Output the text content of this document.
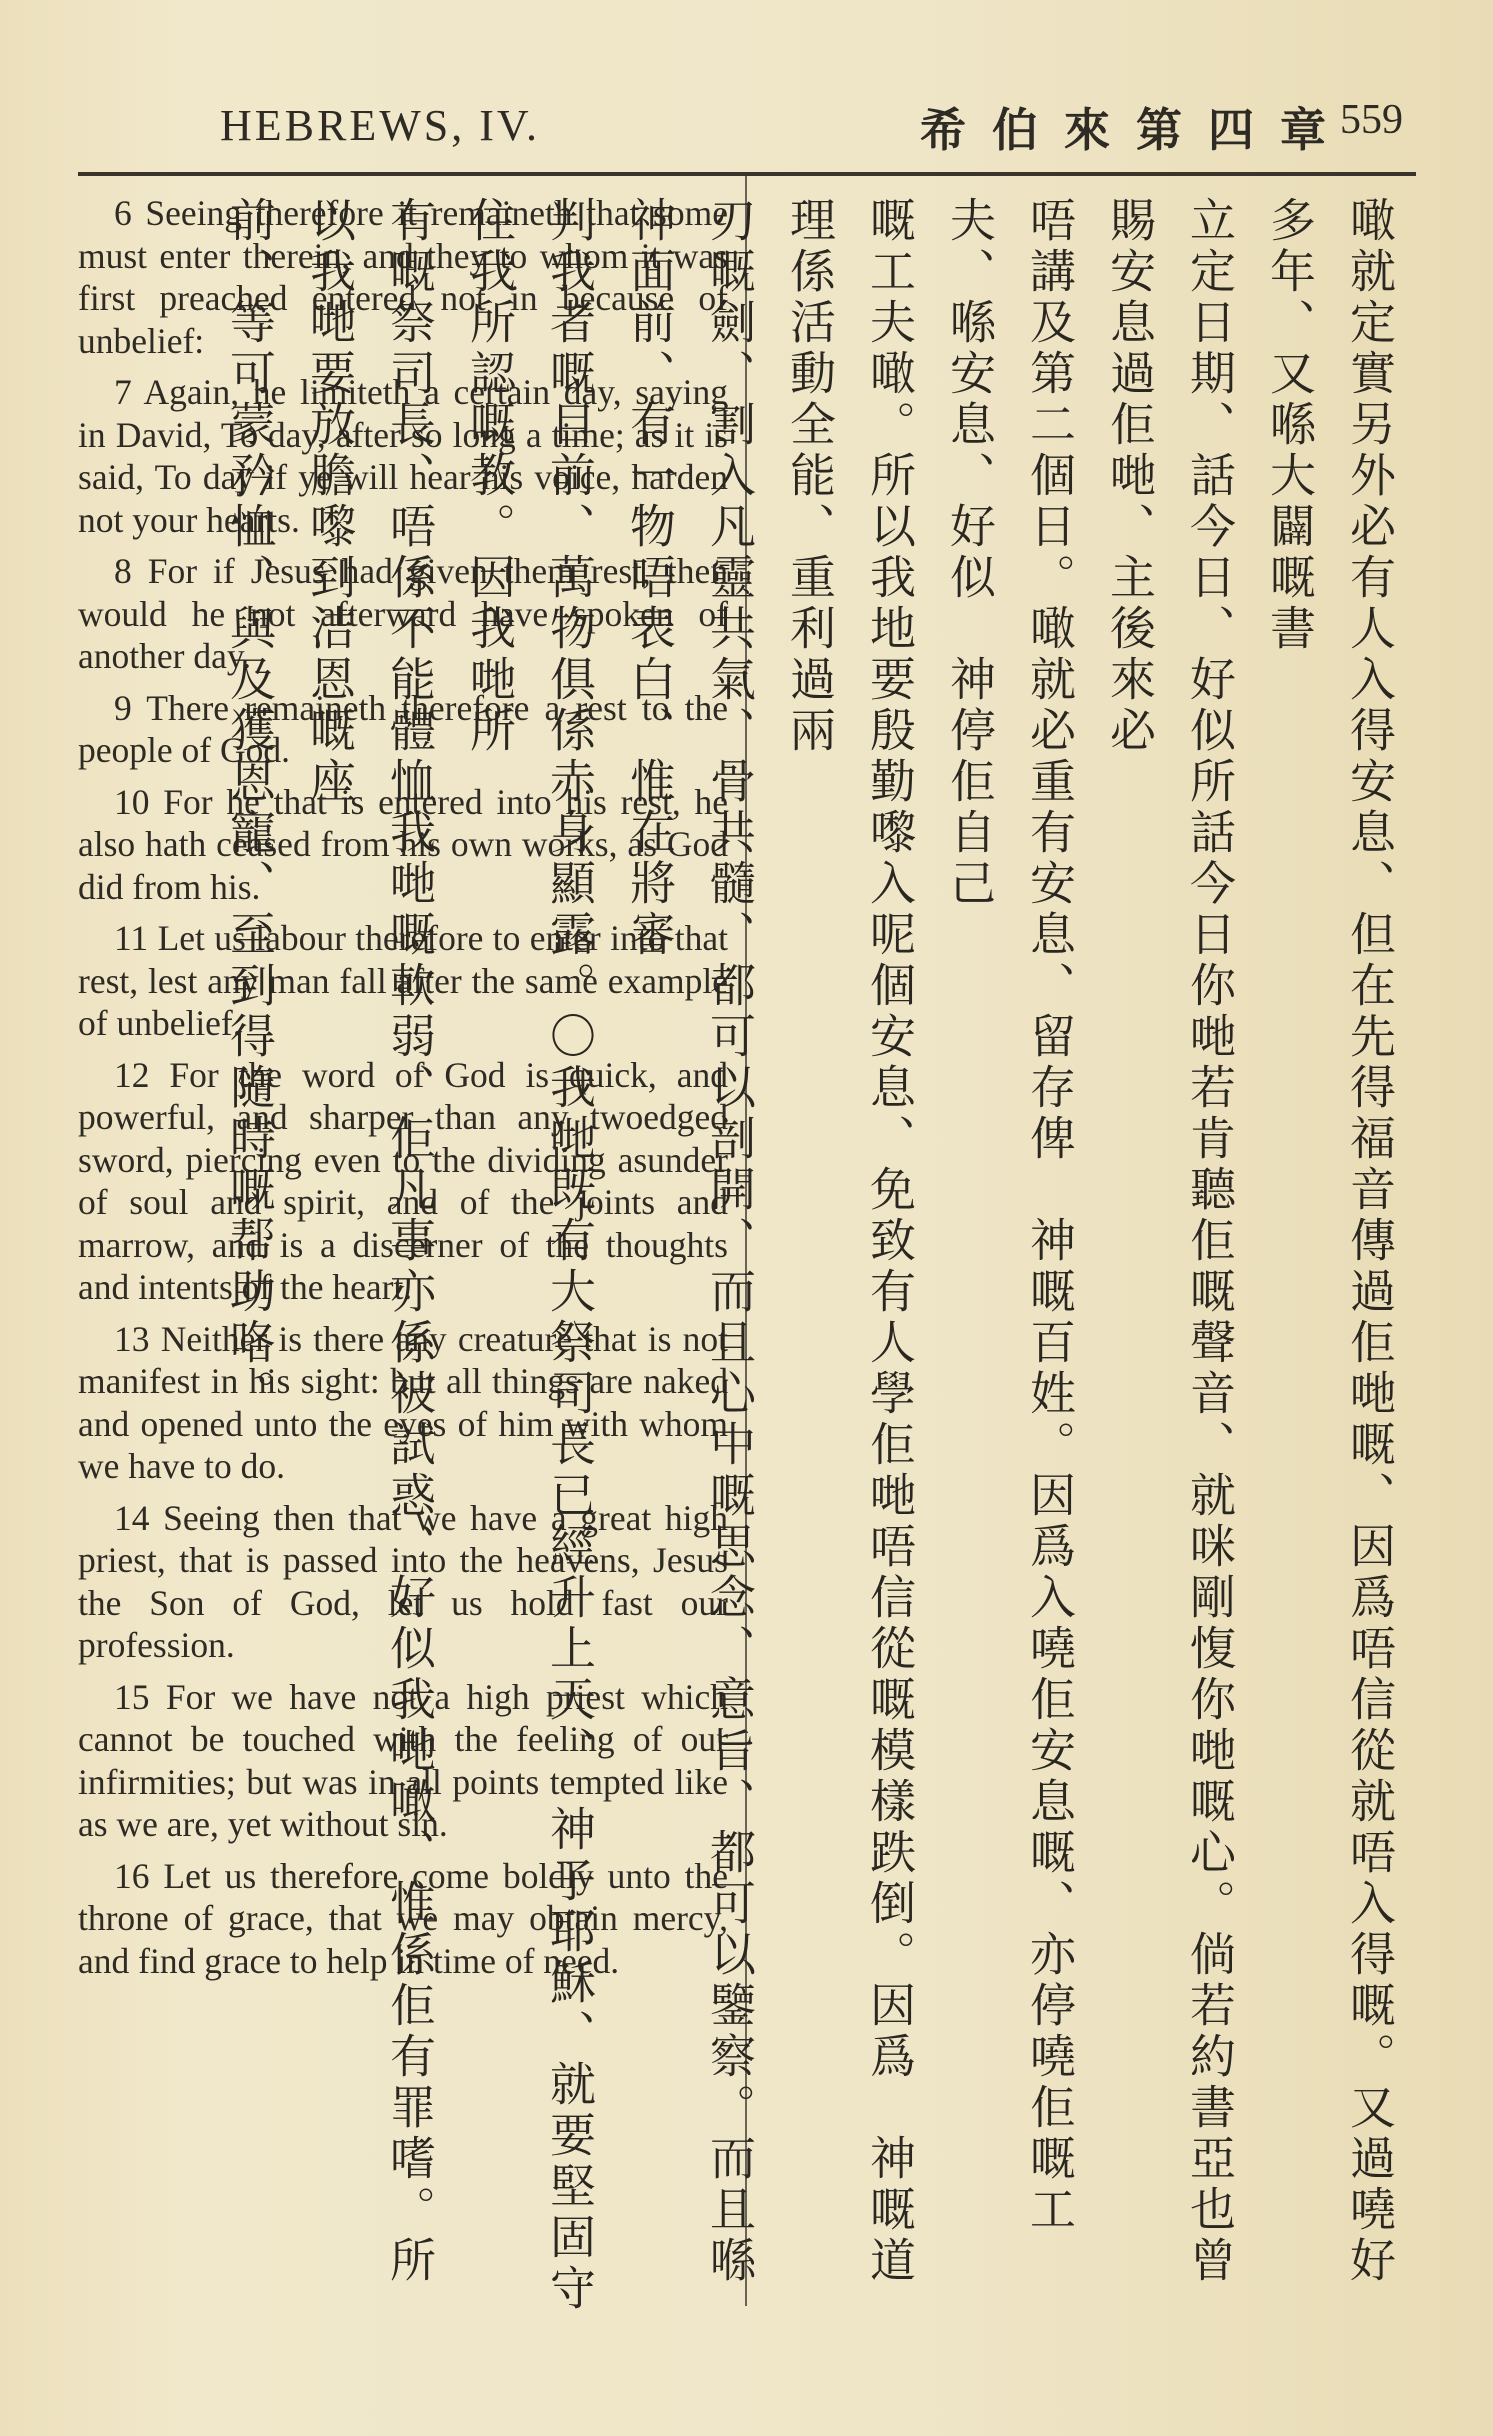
HEBREWS, IV.	希伯來第四章
559

6 Seeing therefore it remaineth that some must enter therein, and they to whom it was first preached entered not in because of unbelief:

7 Again, he limiteth a certain day, saying in David, To day, after so long a time; as it is said, To day if ye will hear his voice, harden not your hearts.

8 For if Jesus had given them rest, then would he not afterward have spoken of another day.

9 There remaineth therefore a rest to the people of God.

10 For he that is entered into his rest, he also hath ceased from his own works, as God did from his.

11 Let us labour therefore to enter into that rest, lest any man fall after the same example of unbelief.

12 For the word of God is quick, and powerful, and sharper than any twoedged sword, piercing even to the dividing asunder of soul and spirit, and of the joints and marrow, and is a discerner of the thoughts and intents of the heart.

13 Neither is there any creature that is not manifest in his sight: but all things are naked and opened unto the eyes of him with whom we have to do.

14 Seeing then that we have a great high priest, that is passed into the heavens, Jesus the Son of God, let us hold fast our profession.

15 For we have not a high priest which cannot be touched with the feeling of our infirmities; but was in all points tempted like as we are, yet without sin.

16 Let us therefore come boldly unto the throne of grace, that we may obtain mercy, and find grace to help in time of need.	噉就定實另外必有人入得安息、但在先得福音傳過佢哋嘅、因爲唔信從就唔入得嘅。又過嘵好多年、又喺大闢嘅書
立定日期、話今日、好似所話今日你哋若肯聽佢嘅聲音、就咪剛愎你哋嘅心。倘若約書亞也曾賜安息過佢哋、主後來必
唔講及第二個日。噉就必重有安息、留存俾　神嘅百姓。因爲入嘵佢安息嘅、亦停嘵佢嘅工夫、喺安息、好似　神停佢自己
嘅工夫噉。所以我地要殷勤嚟入呢個安息、免致有人學佢哋唔信從嘅模樣跌倒。因爲　神嘅道理係活動全能、重利過兩
刃嘅劍、割入凡靈共氣、骨共髓、都可以剖開、而且心中嘅思念、意旨、都可以鑒察。而且喺　神面前、有一物唔表白、惟在將審
判我者嘅目前、萬物俱係赤身顯露。〇我哋既有大祭司長已經升上天、　神子耶穌、就要堅固守住我所認嘅教。因我哋所
有嘅祭司長、唔係不能體恤我哋嘅軟弱、佢凡事亦係被試惑、好似我哋噉、惟係佢有罪嗜。所以我哋要放膽嚟到洁恩嘅座
前、等可蒙矜恤、與及獲恩寵、至到得隨時嘅帮助咯。
